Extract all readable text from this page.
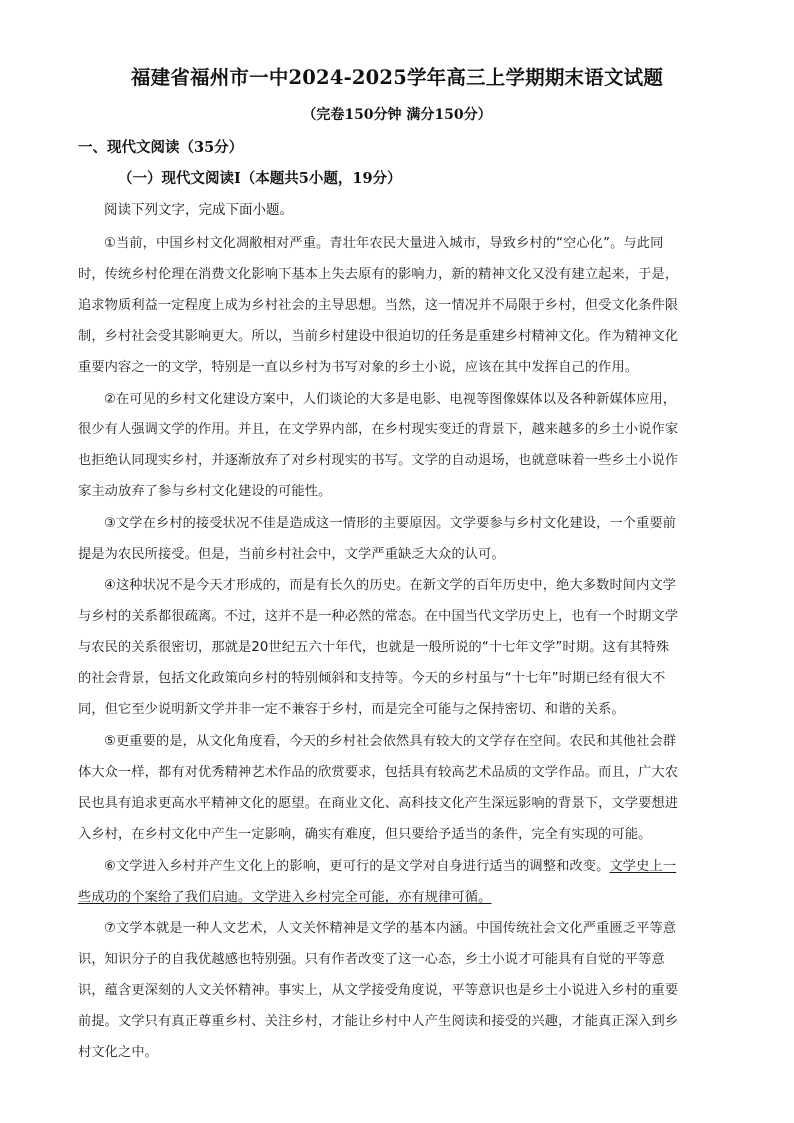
福建省福州市一中2024-2025学年高三上学期期末语文试题
（完卷150分钟 满分150分）
一、现代文阅读（35分）
（一）现代文阅读Ⅰ（本题共5小题，19分）
阅读下列文字，完成下面小题。
①当前，中国乡村文化凋敝相对严重。青壮年农民大量进入城市，导致乡村的“空心化”。与此同
时，传统乡村伦理在消费文化影响下基本上失去原有的影响力，新的精神文化又没有建立起来，于是，
追求物质利益一定程度上成为乡村社会的主导思想。当然，这一情况并不局限于乡村，但受文化条件限
制，乡村社会受其影响更大。所以，当前乡村建设中很迫切的任务是重建乡村精神文化。作为精神文化
重要内容之一的文学，特别是一直以乡村为书写对象的乡土小说，应该在其中发挥自己的作用。
②在可见的乡村文化建设方案中，人们谈论的大多是电影、电视等图像媒体以及各种新媒体应用，
很少有人强调文学的作用。并且，在文学界内部，在乡村现实变迁的背景下，越来越多的乡土小说作家
也拒绝认同现实乡村，并逐渐放弃了对乡村现实的书写。文学的自动退场，也就意味着一些乡土小说作
家主动放弃了参与乡村文化建设的可能性。
③文学在乡村的接受状况不佳是造成这一情形的主要原因。文学要参与乡村文化建设，一个重要前
提是为农民所接受。但是，当前乡村社会中，文学严重缺乏大众的认可。
④这种状况不是今天才形成的，而是有长久的历史。在新文学的百年历史中，绝大多数时间内文学
与乡村的关系都很疏离。不过，这并不是一种必然的常态。在中国当代文学历史上，也有一个时期文学
与农民的关系很密切，那就是20世纪五六十年代，也就是一般所说的“十七年文学”时期。这有其特殊
的社会背景，包括文化政策向乡村的特别倾斜和支持等。今天的乡村虽与“十七年”时期已经有很大不
同，但它至少说明新文学并非一定不兼容于乡村，而是完全可能与之保持密切、和谐的关系。
⑤更重要的是，从文化角度看，今天的乡村社会依然具有较大的文学存在空间。农民和其他社会群
体大众一样，都有对优秀精神艺术作品的欣赏要求，包括具有较高艺术品质的文学作品。而且，广大农
民也具有追求更高水平精神文化的愿望。在商业文化、高科技文化产生深远影响的背景下，文学要想进
入乡村，在乡村文化中产生一定影响，确实有难度，但只要给予适当的条件，完全有实现的可能。
⑥文学进入乡村并产生文化上的影响，更可行的是文学对自身进行适当的调整和改变。文学史上一
些成功的个案给了我们启迪。文学进入乡村完全可能，亦有规律可循。
⑦文学本就是一种人文艺术，人文关怀精神是文学的基本内涵。中国传统社会文化严重匮乏平等意
识，知识分子的自我优越感也特别强。只有作者改变了这一心态，乡土小说才可能具有自觉的平等意
识，蕴含更深刻的人文关怀精神。事实上，从文学接受角度说，平等意识也是乡土小说进入乡村的重要
前提。文学只有真正尊重乡村、关注乡村，才能让乡村中人产生阅读和接受的兴趣，才能真正深入到乡
村文化之中。
